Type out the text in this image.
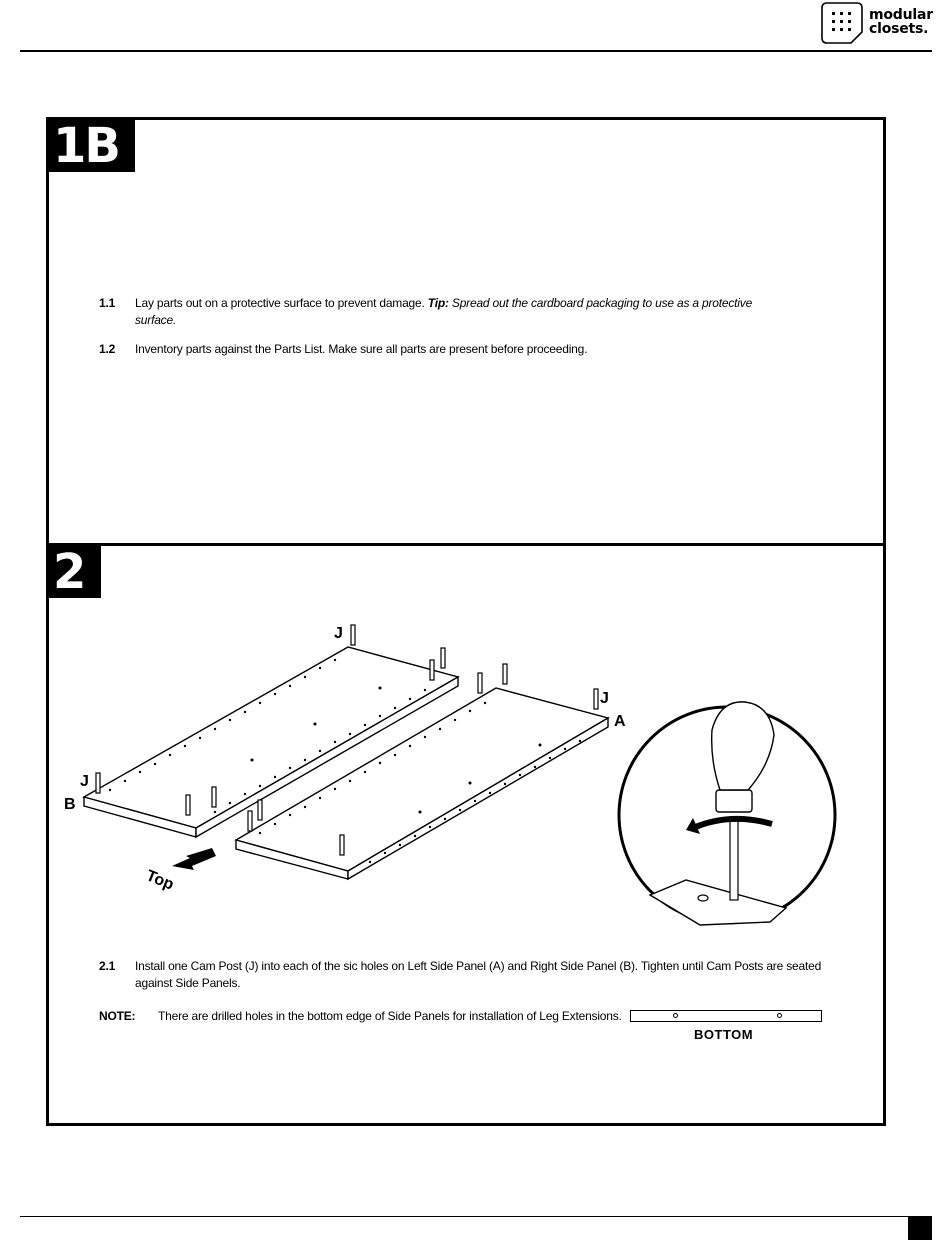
modular
closets.
1B
1.1 Lay parts out on a protective surface to prevent damage. Tip: Spread out the cardboard packaging to use as a protective surface.
1.2 Inventory parts against the Parts List. Make sure all parts are present before proceeding.
2
Top
J
J
A
J
B
2.1 Install one Cam Post (J) into each of the sic holes on Left Side Panel (A) and Right Side Panel (B). Tighten until Cam Posts are seated against Side Panels.
NOTE: There are drilled holes in the bottom edge of Side Panels for installation of Leg Extensions.
BOTTOM
